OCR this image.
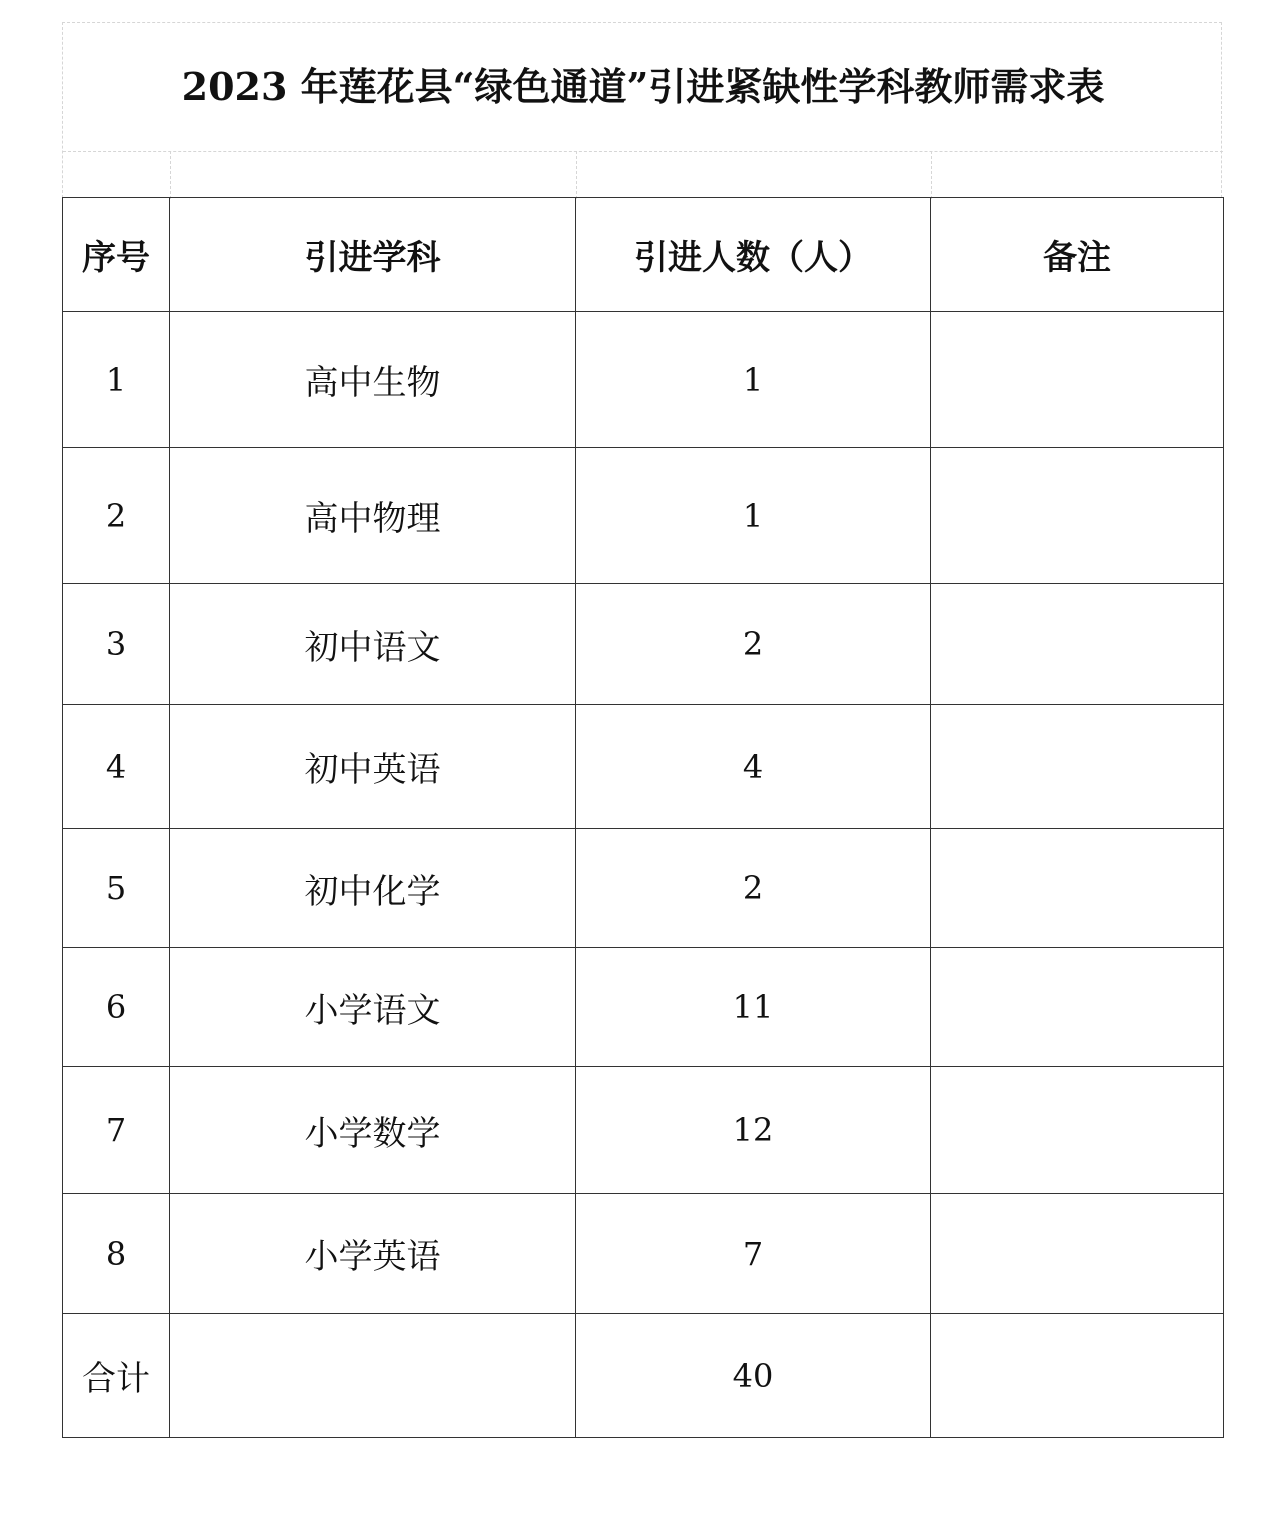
2023 年莲花县“绿色通道”引进紧缺性学科教师需求表
序号	引进学科	引进人数（人）	备注
1	高中生物	1	
2	高中物理	1	
3	初中语文	2	
4	初中英语	4	
5	初中化学	2	
6	小学语文	11	
7	小学数学	12	
8	小学英语	7	
合计		40	
